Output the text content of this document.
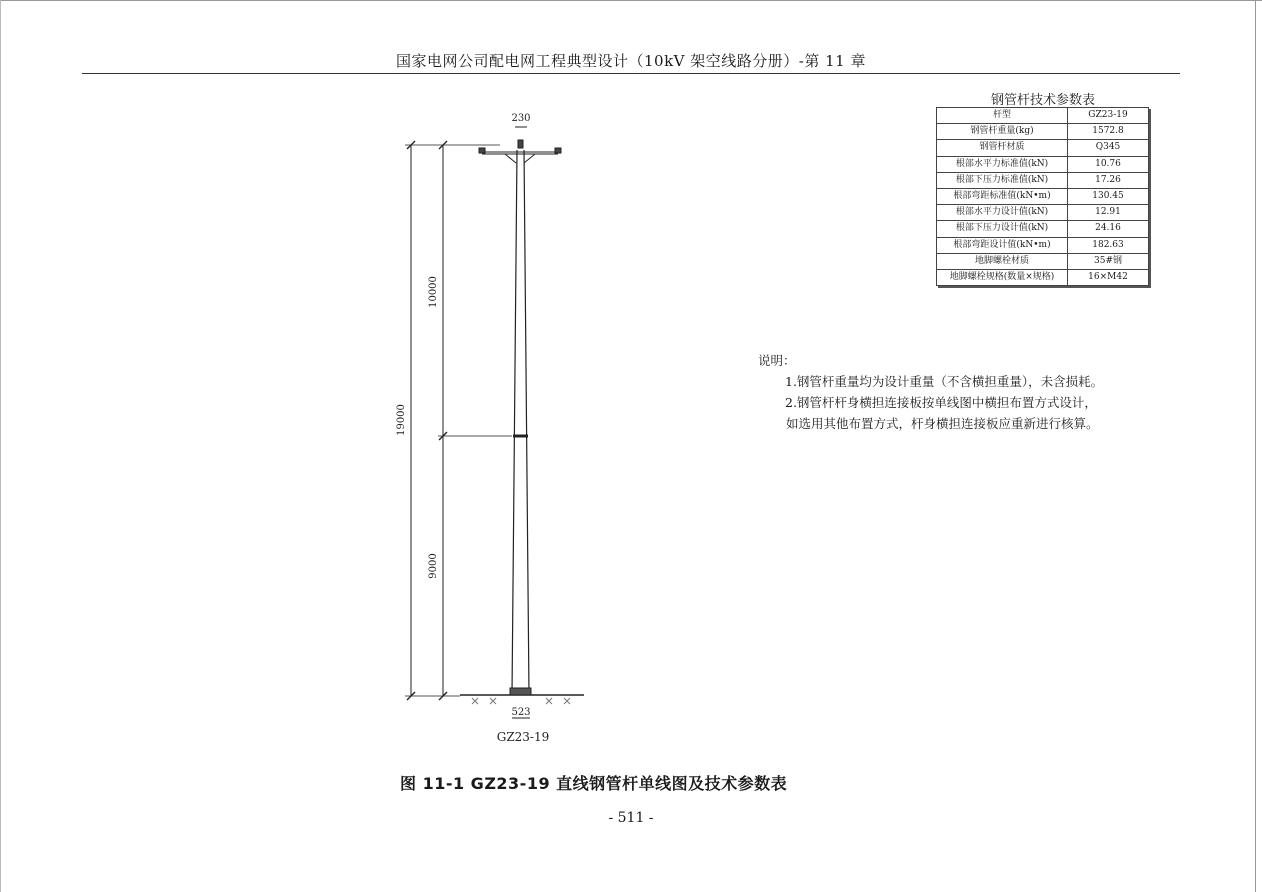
国家电网公司配电网工程典型设计（10kV 架空线路分册）-第 11 章
230
10000
19000
9000
523
GZ23-19
钢管杆技术参数表
杆型	GZ23-19
钢管杆重量(kg)	1572.8
钢管杆材质	Q345
根部水平力标准值(kN)	10.76
根部下压力标准值(kN)	17.26
根部弯距标准值(kN•m)	130.45
根部水平力设计值(kN)	12.91
根部下压力设计值(kN)	24.16
根部弯距设计值(kN•m)	182.63
地脚螺栓材质	35#钢
地脚螺栓规格(数量×规格)	16×M42
说明：
1.钢管杆重量均为设计重量（不含横担重量），未含损耗。
2.钢管杆杆身横担连接板按单线图中横担布置方式设计，
如选用其他布置方式，杆身横担连接板应重新进行核算。
图 11-1 GZ23-19 直线钢管杆单线图及技术参数表
- 511 -
